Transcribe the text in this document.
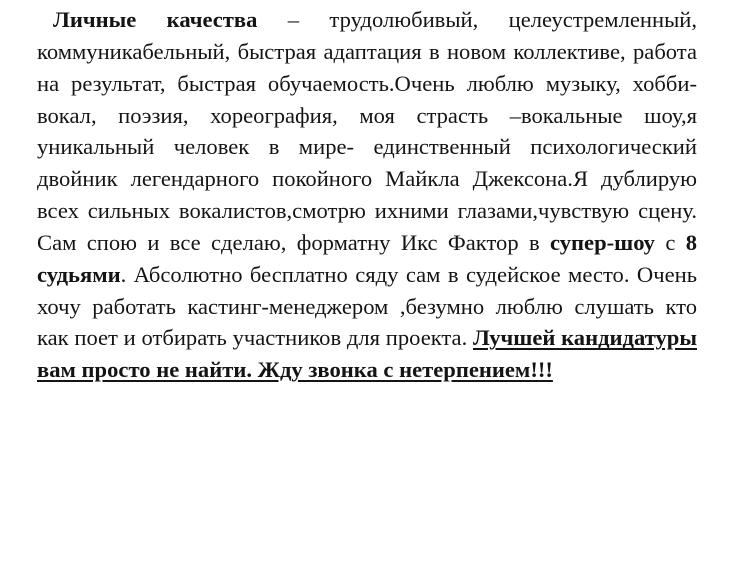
Личные качества – трудолюбивый, целеустремленный, коммуникабельный, быстрая адаптация в новом коллективе, работа на результат, быстрая обучаемость.Очень люблю музыку, хобби- вокал, поэзия, хореография, моя страсть –вокальные шоу,я уникальный человек в мире- единственный психологический двойник легендарного покойного Майкла Джексона.Я дублирую всех сильных вокалистов,смотрю ихними глазами,чувствую сцену. Сам спою и все сделаю, форматну Икс Фактор в супер-шоу с 8 судьями. Абсолютно бесплатно сяду сам в судейское место. Очень хочу работать кастинг-менеджером ,безумно люблю слушать кто как поет и отбирать участников для проекта. Лучшей кандидатуры вам просто не найти. Жду звонка с нетерпением!!!
